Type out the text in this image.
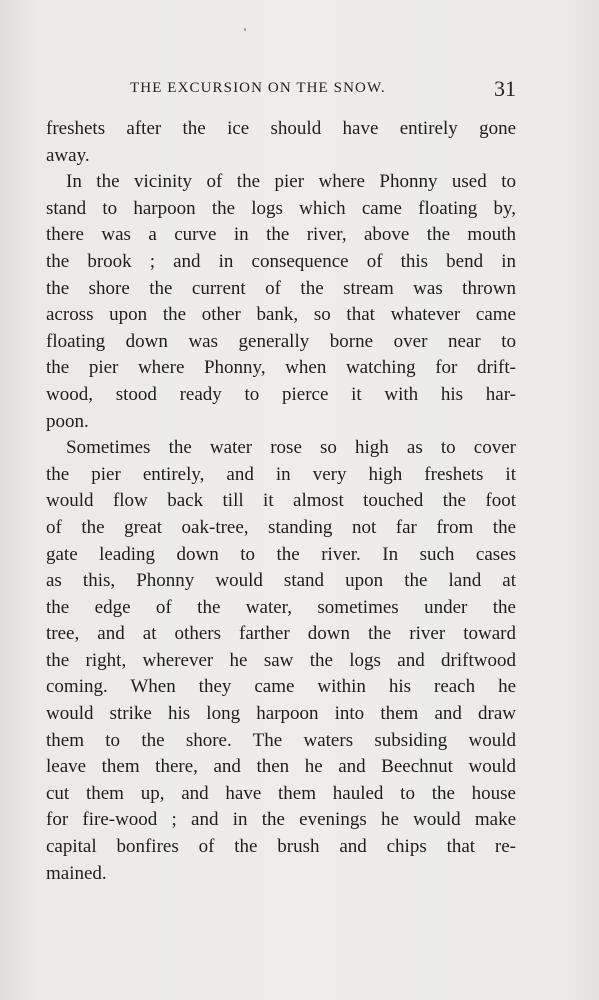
THE EXCURSION ON THE SNOW.	31
freshets after the ice should have entirely gone
away.
In the vicinity of the pier where Phonny used to
stand to harpoon the logs which came floating by,
there was a curve in the river, above the mouth
the brook ; and in consequence of this bend in
the shore the current of the stream was thrown
across upon the other bank, so that whatever came
floating down was generally borne over near to
the pier where Phonny, when watching for drift-
wood, stood ready to pierce it with his har-
poon.
Sometimes the water rose so high as to cover
the pier entirely, and in very high freshets it
would flow back till it almost touched the foot
of the great oak-tree, standing not far from the
gate leading down to the river. In such cases
as this, Phonny would stand upon the land at
the edge of the water, sometimes under the
tree, and at others farther down the river toward
the right, wherever he saw the logs and driftwood
coming. When they came within his reach he
would strike his long harpoon into them and draw
them to the shore. The waters subsiding would
leave them there, and then he and Beechnut would
cut them up, and have them hauled to the house
for fire-wood ; and in the evenings he would make
capital bonfires of the brush and chips that re-
mained.
